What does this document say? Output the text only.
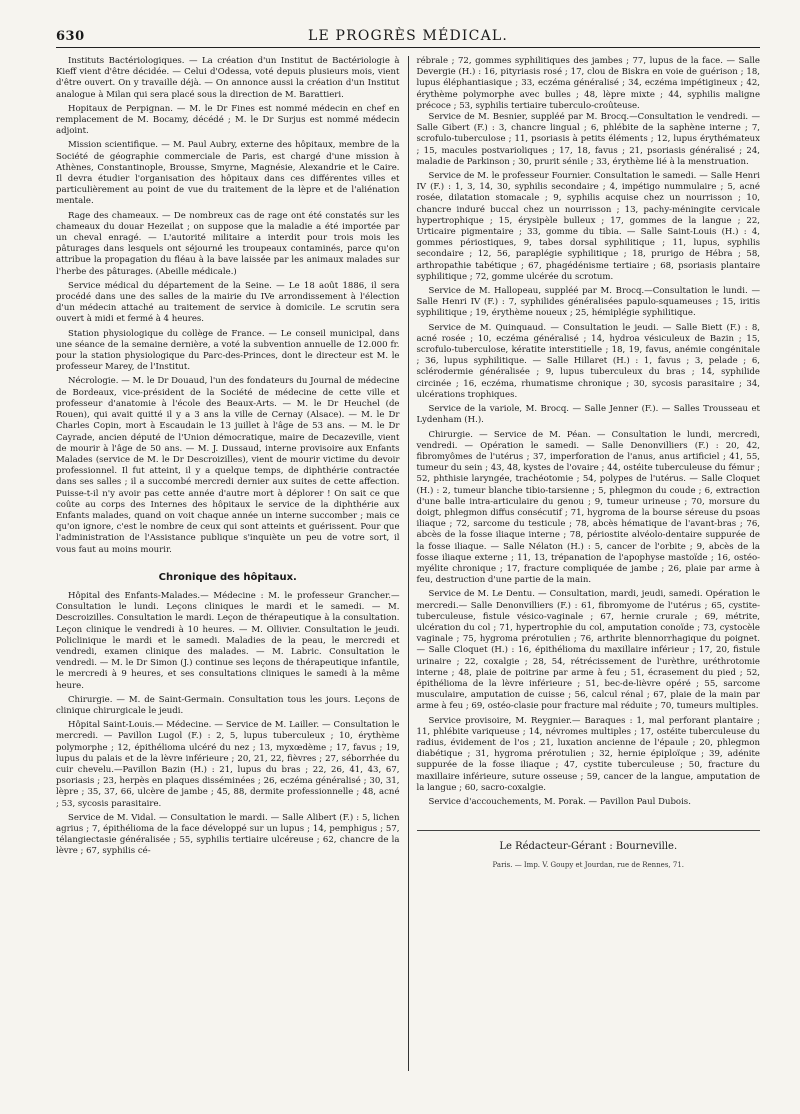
630	LE PROGRÈS MÉDICAL.

Instituts Bactériologiques. — La création d'un Institut de Bactériologie à Kieff vient d'être décidée. — Celui d'Odessa, voté depuis plusieurs mois, vient d'être ouvert. On y travaille déjà. — On annonce aussi la création d'un Institut analogue à Milan qui sera placé sous la direction de M. Barattieri.

Hopitaux de Perpignan. — M. le Dr Fines est nommé médecin en chef en remplacement de M. Bocamy, décédé ; M. le Dr Surjus est nommé médecin adjoint.

Mission scientifique. — M. Paul Aubry, externe des hôpitaux, membre de la Société de géographie commerciale de Paris, est chargé d'une mission à Athènes, Constantinople, Brousse, Smyrne, Magnésie, Alexandrie et le Caire. Il devra étudier l'organisation des hôpitaux dans ces différentes villes et particulièrement au point de vue du traitement de la lèpre et de l'aliénation mentale.

Rage des chameaux. — De nombreux cas de rage ont été constatés sur les chameaux du douar Hezeilat ; on suppose que la maladie a été importée par un cheval enragé. — L'autorité militaire a interdit pour trois mois les pâturages dans lesquels ont séjourné les troupeaux contaminés, parce qu'on attribue la propagation du fléau à la bave laissée par les animaux malades sur l'herbe des pâturages. (Abeille médicale.)

Service médical du département de la Seine. — Le 18 août 1886, il sera procédé dans une des salles de la mairie du IVe arrondissement à l'élection d'un médecin attaché au traitement de service à domicile. Le scrutin sera ouvert à midi et fermé à 4 heures.

Station physiologique du collège de France. — Le conseil municipal, dans une séance de la semaine dernière, a voté la subvention annuelle de 12.000 fr. pour la station physiologique du Parc-des-Princes, dont le directeur est M. le professeur Marey, de l'Institut.

Nécrologie. — M. le Dr Douaud, l'un des fondateurs du Journal de médecine de Bordeaux, vice-président de la Société de médecine de cette ville et professeur d'anatomie à l'école des Beaux-Arts. — M. le Dr Heuchel (de Rouen), qui avait quitté il y a 3 ans la ville de Cernay (Alsace). — M. le Dr Charles Copin, mort à Escaudain le 13 juillet à l'âge de 53 ans. — M. le Dr Cayrade, ancien député de l'Union démocratique, maire de Decazeville, vient de mourir à l'âge de 50 ans. — M. J. Dussaud, interne provisoire aux Enfants Malades (service de M. le Dr Descroizilles), vient de mourir victime du devoir professionnel. Il fut atteint, il y a quelque temps, de diphthérie contractée dans ses salles ; il a succombé mercredi dernier aux suites de cette affection. Puisse-t-il n'y avoir pas cette année d'autre mort à déplorer ! On sait ce que coûte au corps des Internes des hôpitaux le service de la diphthérie aux Enfants malades, quand on voit chaque année un interne succomber ; mais ce qu'on ignore, c'est le nombre de ceux qui sont atteints et guérissent. Pour que l'administration de l'Assistance publique s'inquiète un peu de votre sort, il vous faut au moins mourir.

Chronique des hôpitaux.

Hôpital des Enfants-Malades.— Médecine : M. le professeur Grancher.—Consultation le lundi. Leçons cliniques le mardi et le samedi. — M. Descroizilles. Consultation le mardi. Leçon de thérapeutique à la consultation. Leçon clinique le vendredi à 10 heures. — M. Ollivier. Consultation le jeudi. Policlinique le mardi et le samedi. Maladies de la peau, le mercredi et vendredi, examen clinique des malades. — M. Labric. Consultation le vendredi. — M. le Dr Simon (J.) continue ses leçons de thérapeutique infantile, le mercredi à 9 heures, et ses consultations cliniques le samedi à la même heure.

Chirurgie. — M. de Saint-Germain. Consultation tous les jours. Leçons de clinique chirurgicale le jeudi.

Hôpital Saint-Louis.— Médecine. — Service de M. Lailler. — Consultation le mercredi. — Pavillon Lugol (F.) : 2, 5, lupus tuberculeux ; 10, érythème polymorphe ; 12, épithélioma ulcéré du nez ; 13, myxœdème ; 17, favus ; 19, lupus du palais et de la lèvre inférieure ; 20, 21, 22, fièvres ; 27, séborrhée du cuir chevelu.—Pavillon Bazin (H.) : 21, lupus du bras ; 22, 26, 41, 43, 67, psoriasis ; 23, herpès en plaques disséminées ; 26, eczéma généralisé ; 30, 31, lèpre ; 35, 37, 66, ulcère de jambe ; 45, 88, dermite professionnelle ; 48, acné ; 53, sycosis parasitaire.

Service de M. Vidal. — Consultation le mardi. — Salle Alibert (F.) : 5, lichen agrius ; 7, épithélioma de la face développé sur un lupus ; 14, pemphigus ; 57, télangiectasie généralisée ; 55, syphilis tertiaire ulcéreuse ; 62, chancre de la lèvre ; 67, syphilis cé-

rébrale ; 72, gommes syphilitiques des jambes ; 77, lupus de la face. — Salle Devergie (H.) : 16, pityriasis rosé ; 17, clou de Biskra en voie de guérison ; 18, lupus éléphantiasique ; 33, eczéma généralisé ; 34, eczéma impétigineux ; 42, érythème polymorphe avec bulles ; 48, lèpre mixte ; 44, syphilis maligne précoce ; 53, syphilis tertiaire tuberculo-croûteuse.

Service de M. Besnier, suppléé par M. Brocq.—Consultation le vendredi. — Salle Gibert (F.) : 3, chancre lingual ; 6, phlébite de la saphène interne ; 7, scrofulo-tuberculose ; 11, psoriasis à petits éléments ; 12, lupus érythémateux ; 15, macules postvarioliques ; 17, 18, favus ; 21, psoriasis généralisé ; 24, maladie de Parkinson ; 30, prurit sénile ; 33, érythème lié à la menstruation.

Service de M. le professeur Fournier. Consultation le samedi. — Salle Henri IV (F.) : 1, 3, 14, 30, syphilis secondaire ; 4, impétigo nummulaire ; 5, acné rosée, dilatation stomacale ; 9, syphilis acquise chez un nourrisson ; 10, chancre induré buccal chez un nourrisson ; 13, pachy-méningite cervicale hypertrophique ; 15, érysipèle bulleux ; 17, gommes de la langue ; 22, Urticaire pigmentaire ; 33, gomme du tibia. — Salle Saint-Louis (H.) : 4, gommes périostiques, 9, tabes dorsal syphilitique ; 11, lupus, syphilis secondaire ; 12, 56, paraplégie syphilitique ; 18, prurigo de Hébra ; 58, arthropathie tabétique ; 67, phagédénisme tertiaire ; 68, psoriasis plantaire syphilitique ; 72, gomme ulcérée du scrotum.

Service de M. Hallopeau, suppléé par M. Brocq.—Consultation le lundi. — Salle Henri IV (F.) : 7, syphilides généralisées papulo-squameuses ; 15, iritis syphilitique ; 19, érythème noueux ; 25, hémiplégie syphilitique.

Service de M. Quinquaud. — Consultation le jeudi. — Salle Biett (F.) : 8, acné rosée ; 10, eczéma généralisé ; 14, hydroa vésiculeux de Bazin ; 15, scrofulo-tuberculose, kératite interstitielle ; 18, 19, favus, anémie congénitale ; 36, lupus syphilitique. — Salle Hillaret (H.) : 1, favus ; 3, pelade ; 6, sclérodermie généralisée ; 9, lupus tuberculeux du bras ; 14, syphilide circinée ; 16, eczéma, rhumatisme chronique ; 30, sycosis parasitaire ; 34, ulcérations trophiques.

Service de la variole, M. Brocq. — Salle Jenner (F.). — Salles Trousseau et Lydenham (H.).

Chirurgie. — Service de M. Péan. — Consultation le lundi, mercredi, vendredi. — Opération le samedi. — Salle Denonvilliers (F.) : 20, 42, fibromyômes de l'utérus ; 37, imperforation de l'anus, anus artificiel ; 41, 55, tumeur du sein ; 43, 48, kystes de l'ovaire ; 44, ostéite tuberculeuse du fémur ; 52, phthisie laryngée, trachéotomie ; 54, polypes de l'utérus. — Salle Cloquet (H.) : 2, tumeur blanche tibio-tarsienne ; 5, phlegmon du coude ; 6, extraction d'une balle intra-articulaire du genou ; 9, tumeur urineuse ; 70, morsure du doigt, phlegmon diffus consécutif ; 71, hygroma de la bourse séreuse du psoas iliaque ; 72, sarcome du testicule ; 78, abcès hématique de l'avant-bras ; 76, abcès de la fosse iliaque interne ; 78, périostite alvéolo-dentaire suppurée de la fosse iliaque. — Salle Nélaton (H.) : 5, cancer de l'orbite ; 9, abcès de la fosse iliaque externe ; 11, 13, trépanation de l'apophyse mastoïde ; 16, ostéo-myélite chronique ; 17, fracture compliquée de jambe ; 26, plaie par arme à feu, destruction d'une partie de la main.

Service de M. Le Dentu. — Consultation, mardi, jeudi, samedi. Opération le mercredi.— Salle Denonvilliers (F.) : 61, fibromyome de l'utérus ; 65, cystite-tuberculeuse, fistule vésico-vaginale ; 67, hernie crurale ; 69, métrite, ulcération du col ; 71, hypertrophie du col, amputation conoïde ; 73, cystocèle vaginale ; 75, hygroma prérotulien ; 76, arthrite blennorrhagique du poignet. — Salle Cloquet (H.) : 16, épithélioma du maxillaire inférieur ; 17, 20, fistule urinaire ; 22, coxalgie ; 28, 54, rétrécissement de l'urèthre, uréthrotomie interne ; 48, plaie de poitrine par arme à feu ; 51, écrasement du pied ; 52, épithélioma de la lèvre inférieure ; 51, bec-de-lièvre opéré ; 55, sarcome musculaire, amputation de cuisse ; 56, calcul rénal ; 67, plaie de la main par arme à feu ; 69, ostéo-clasie pour fracture mal réduite ; 70, tumeurs multiples.

Service provisoire, M. Reygnier.— Baraques : 1, mal perforant plantaire ; 11, phlébite variqueuse ; 14, névromes multiples ; 17, ostéite tuberculeuse du radius, évidement de l'os ; 21, luxation ancienne de l'épaule ; 20, phlegmon diabétique ; 31, hygroma prérotulien ; 32, hernie épiploïque ; 39, adénite suppurée de la fosse iliaque ; 47, cystite tuberculeuse ; 50, fracture du maxillaire inférieure, suture osseuse ; 59, cancer de la langue, amputation de la langue ; 60, sacro-coxalgie.

Service d'accouchements, M. Porak. — Pavillon Paul Dubois.

Le Rédacteur-Gérant : Bourneville.
Paris. — Imp. V. Goupy et Jourdan, rue de Rennes, 71.
